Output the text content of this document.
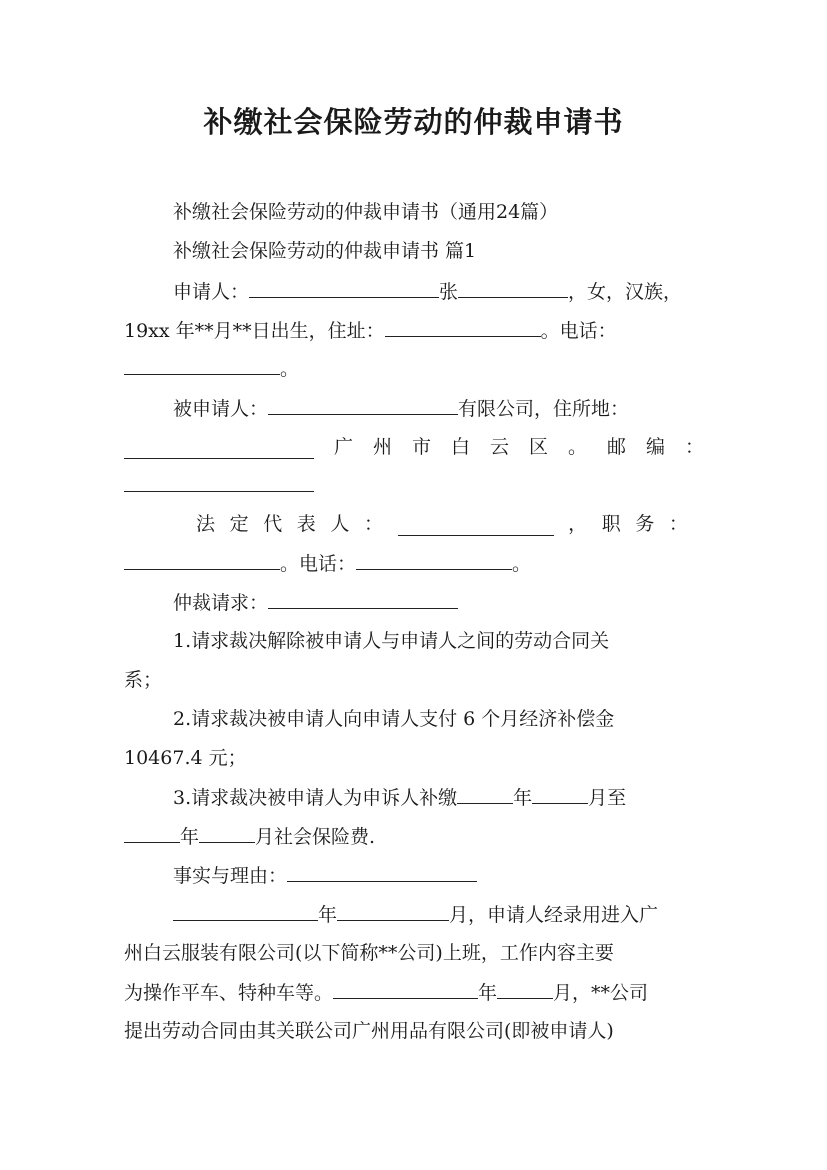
补缴社会保险劳动的仲裁申请书
补缴社会保险劳动的仲裁申请书（通用24篇）
补缴社会保险劳动的仲裁申请书 篇1
申请人：	张	，女，汉族，
19xx 年**月**日出生，住址：	。电话：
。
被申请人：	有限公司，住所地：
广 州 市 白 云 区 。 邮 编 ：
法 定 代 表 人 ：	， 职 务 ：
。电话：	。
仲裁请求：
1.请求裁决解除被申请人与申请人之间的劳动合同关
系；
2.请求裁决被申请人向申请人支付 6 个月经济补偿金
10467.4 元；
3.请求裁决被申请人为申诉人补缴	年	月至
年	月社会保险费.
事实与理由：
年	月，申请人经录用进入广
州白云服装有限公司(以下简称**公司)上班，工作内容主要
为操作平车、特种车等。	年	月，**公司
提出劳动合同由其关联公司广州用品有限公司(即被申请人)
